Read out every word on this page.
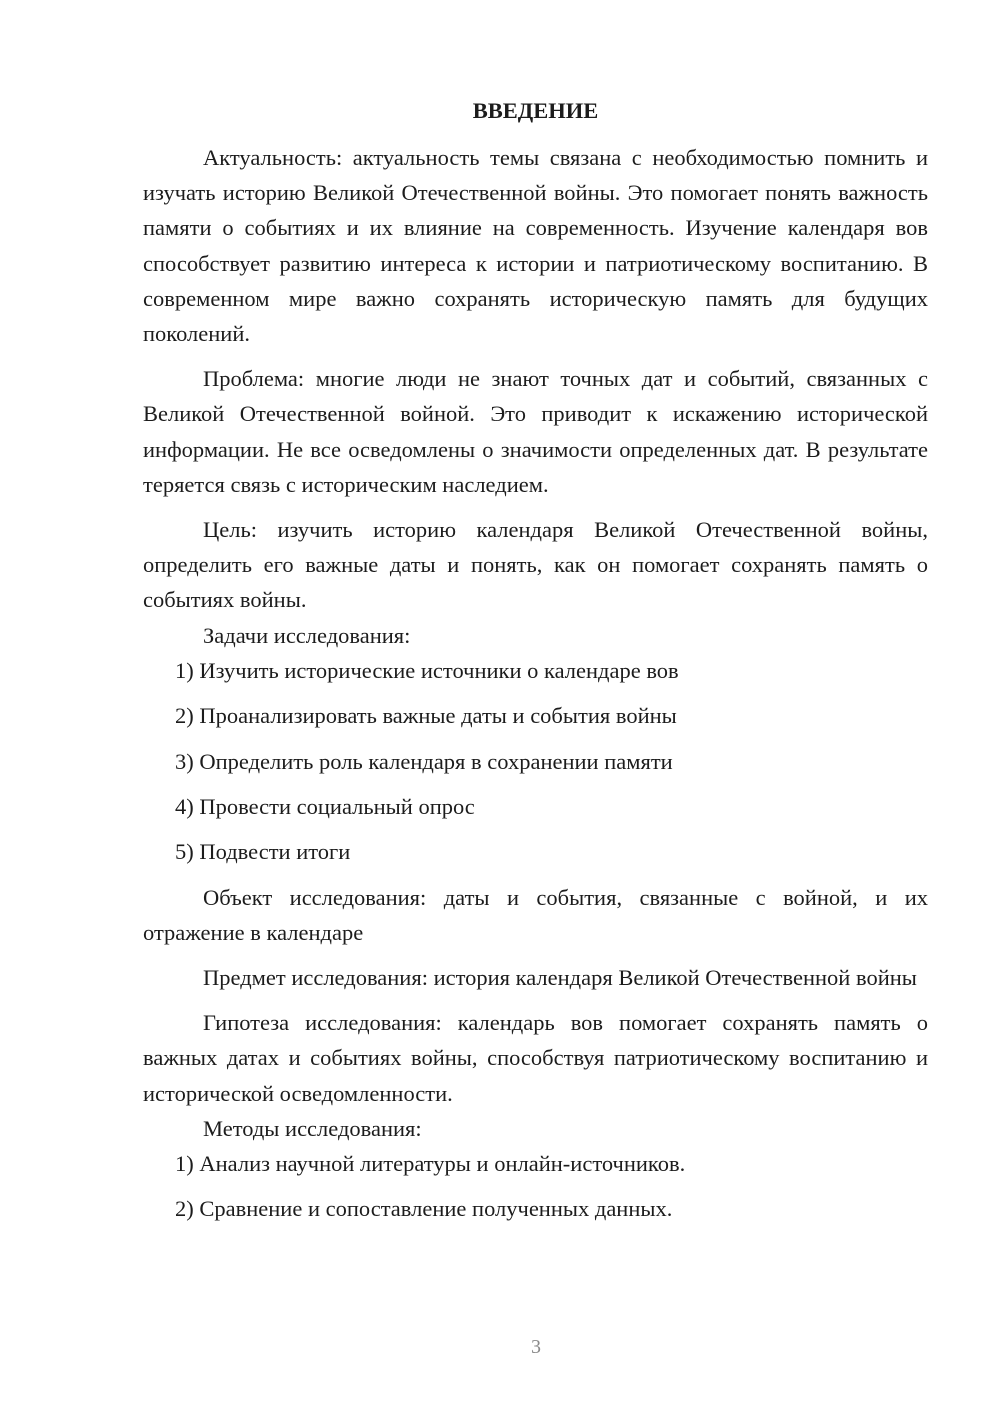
ВВЕДЕНИЕ

Актуальность: актуальность темы связана с необходимостью помнить и изучать историю Великой Отечественной войны. Это помогает понять важность памяти о событиях и их влияние на современность. Изучение календаря вов способствует развитию интереса к истории и патриотическому воспитанию. В современном мире важно сохранять историческую память для будущих поколений.

Проблема: многие люди не знают точных дат и событий, связанных с Великой Отечественной войной. Это приводит к искажению исторической информации. Не все осведомлены о значимости определенных дат. В результате теряется связь с историческим наследием.

Цель: изучить историю календаря Великой Отечественной войны, определить его важные даты и понять, как он помогает сохранять память о событиях войны.

Задачи исследования:

1) Изучить исторические источники о календаре вов
2) Проанализировать важные даты и события войны
3) Определить роль календаря в сохранении памяти
4) Провести социальный опрос
5) Подвести итоги

Объект исследования: даты и события, связанные с войной, и их отражение в календаре

Предмет исследования: история календаря Великой Отечественной войны

Гипотеза исследования: календарь вов помогает сохранять память о важных датах и событиях войны, способствуя патриотическому воспитанию и исторической осведомленности.

Методы исследования:

1) Анализ научной литературы и онлайн-источников.
2) Сравнение и сопоставление полученных данных.
3
